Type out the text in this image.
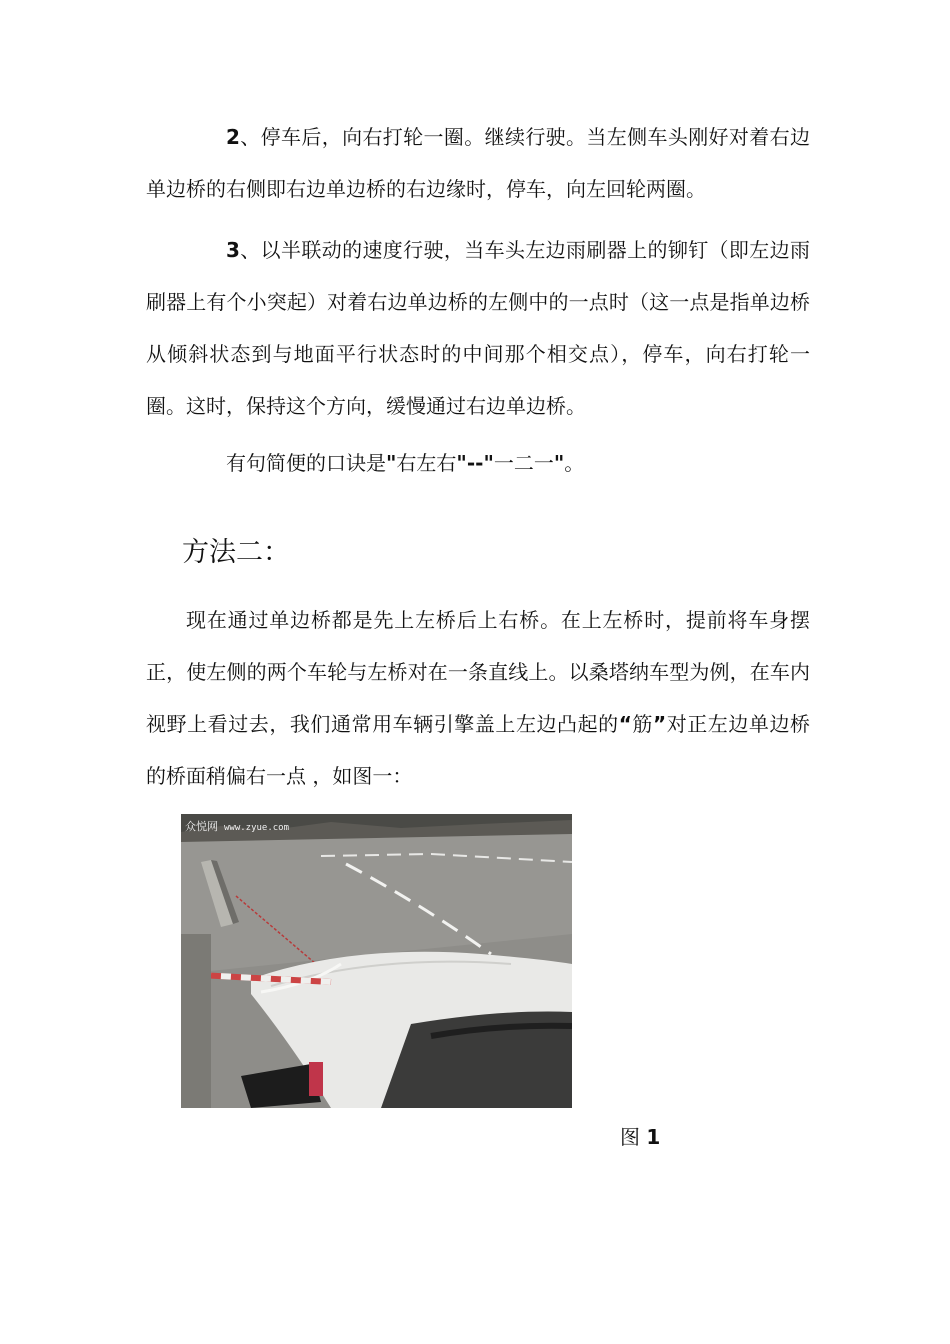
2、停车后，向右打轮一圈。继续行驶。当左侧车头刚好对着右边单边桥的右侧即右边单边桥的右边缘时，停车，向左回轮两圈。

3、以半联动的速度行驶，当车头左边雨刷器上的铆钉（即左边雨刷器上有个小突起）对着右边单边桥的左侧中的一点时（这一点是指单边桥从倾斜状态到与地面平行状态时的中间那个相交点），停车，向右打轮一圈。这时，保持这个方向，缓慢通过右边单边桥。

有句简便的口诀是"右左右"--"一二一"。

方法二：

现在通过单边桥都是先上左桥后上右桥。在上左桥时，提前将车身摆正，使左侧的两个车轮与左桥对在一条直线上。以桑塔纳车型为例，在车内视野上看过去，我们通常用车辆引擎盖上左边凸起的“筋”对正左边单边桥的桥面稍偏右一点 ，如图一：

众悦网 www.zyue.com

图 1
